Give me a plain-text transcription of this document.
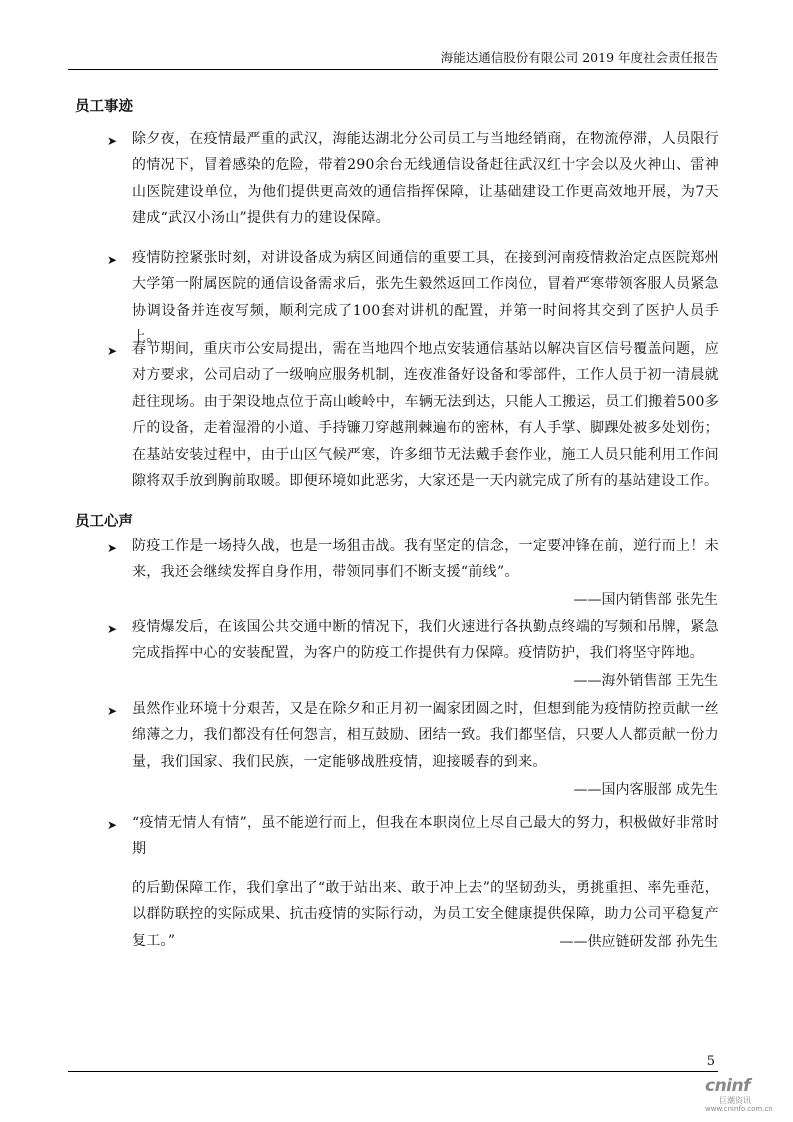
海能达通信股份有限公司 2019 年度社会责任报告
员工事迹
➤ 除夕夜，在疫情最严重的武汉，海能达湖北分公司员工与当地经销商，在物流停滞，人员限行的情况下，冒着感染的危险，带着290余台无线通信设备赶往武汉红十字会以及火神山、雷神山医院建设单位，为他们提供更高效的通信指挥保障，让基础建设工作更高效地开展，为7天建成“武汉小汤山”提供有力的建设保障。

➤ 疫情防控紧张时刻，对讲设备成为病区间通信的重要工具，在接到河南疫情救治定点医院郑州大学第一附属医院的通信设备需求后，张先生毅然返回工作岗位，冒着严寒带领客服人员紧急协调设备并连夜写频，顺利完成了100套对讲机的配置，并第一时间将其交到了医护人员手上。

➤ 春节期间，重庆市公安局提出，需在当地四个地点安装通信基站以解决盲区信号覆盖问题，应对方要求，公司启动了一级响应服务机制，连夜准备好设备和零部件，工作人员于初一清晨就赶往现场。由于架设地点位于高山峻岭中，车辆无法到达，只能人工搬运，员工们搬着500多斤的设备，走着湿滑的小道、手持镰刀穿越荆棘遍布的密林，有人手掌、脚踝处被多处划伤；在基站安装过程中，由于山区气候严寒，许多细节无法戴手套作业，施工人员只能利用工作间隙将双手放到胸前取暖。即便环境如此恶劣，大家还是一天内就完成了所有的基站建设工作。

员工心声
➤ 防疫工作是一场持久战，也是一场狙击战。我有坚定的信念，一定要冲锋在前，逆行而上！未来，我还会继续发挥自身作用，带领同事们不断支援“前线”。

——国内销售部 张先生
➤ 疫情爆发后，在该国公共交通中断的情况下，我们火速进行各执勤点终端的写频和吊牌，紧急完成指挥中心的安装配置，为客户的防疫工作提供有力保障。疫情防护，我们将坚守阵地。

——海外销售部 王先生
➤ 虽然作业环境十分艰苦，又是在除夕和正月初一阖家团圆之时，但想到能为疫情防控贡献一丝绵薄之力，我们都没有任何怨言，相互鼓励、团结一致。我们都坚信，只要人人都贡献一份力量，我们国家、我们民族，一定能够战胜疫情，迎接暖春的到来。

——国内客服部 成先生
➤ “疫情无情人有情”，虽不能逆行而上，但我在本职岗位上尽自己最大的努力，积极做好非常时期

的后勤保障工作，我们拿出了“敢于站出来、敢于冲上去”的坚韧劲头，勇挑重担、率先垂范，以群防联控的实际成果、抗击疫情的实际行动，为员工安全健康提供保障，助力公司平稳复产复工。”	——供应链研发部 孙先生
5
cninf
巨潮资讯
www.cninfo.com.cn
